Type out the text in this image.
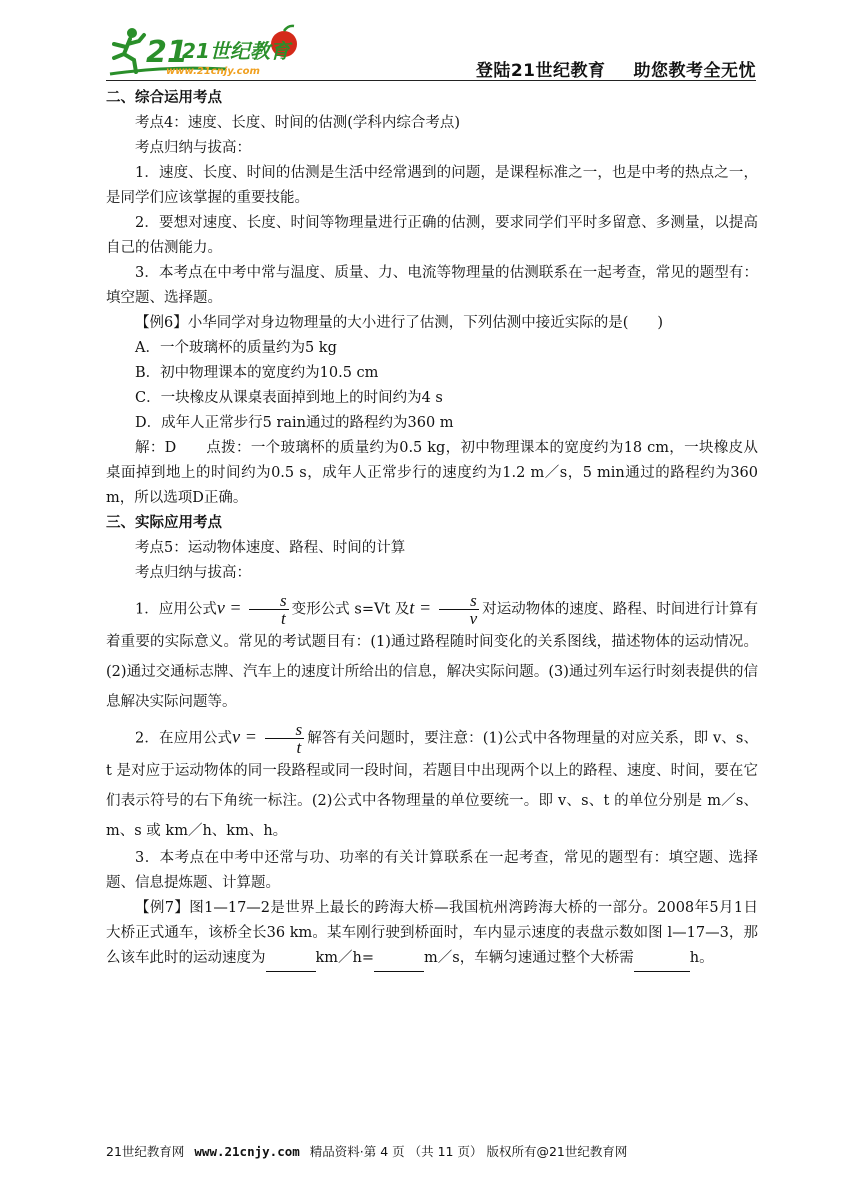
21
21世纪教育
www.21cnjy.com	登陆21世纪教育 助您教考全无忧

二、综合运用考点

考点4：速度、长度、时间的估测(学科内综合考点)

考点归纳与拔高：

1．速度、长度、时间的估测是生活中经常遇到的问题，是课程标准之一，也是中考的热点之一，是同学们应该掌握的重要技能。

2．要想对速度、长度、时间等物理量进行正确的估测，要求同学们平时多留意、多测量，以提高自己的估测能力。

3．本考点在中考中常与温度、质量、力、电流等物理量的估测联系在一起考查，常见的题型有：填空题、选择题。

【例6】小华同学对身边物理量的大小进行了估测，下列估测中接近实际的是(　　)

A．一个玻璃杯的质量约为5 kg

B．初中物理课本的宽度约为10.5 cm

C．一块橡皮从课桌表面掉到地上的时间约为4 s

D．成年人正常步行5 rain通过的路程约为360 m

解：D　　点拨：一个玻璃杯的质量约为0.5 kg，初中物理课本的宽度约为18 cm，一块橡皮从桌面掉到地上的时间约为0.5 s，成年人正常步行的速度约为1.2 m／s，5 min通过的路程约为360 m，所以选项D正确。

三、实际应用考点

考点5：运动物体速度、路程、时间的计算

考点归纳与拔高：

1．应用公式$v = \frac{s}{t}$ 变形公式 s=Vt 及$t = \frac{s}{v}$ 对运动物体的速度、路程、时间进行计算有着重要的实际意义。常见的考试题目有：(1)通过路程随时间变化的关系图线，描述物体的运动情况。(2)通过交通标志牌、汽车上的速度计所给出的信息，解决实际问题。(3)通过列车运行时刻表提供的信息解决实际问题等。

2．在应用公式$v = \frac{s}{t}$ 解答有关问题时，要注意：(1)公式中各物理量的对应关系，即 v、s、t 是对应于运动物体的同一段路程或同一段时间，若题目中出现两个以上的路程、速度、时间，要在它们表示符号的右下角统一标注。(2)公式中各物理量的单位要统一。即 v、s、t 的单位分别是 m／s、m、s 或 km／h、km、h。

3．本考点在中考中还常与功、功率的有关计算联系在一起考查，常见的题型有：填空题、选择题、信息提炼题、计算题。

【例7】图1—17—2是世界上最长的跨海大桥—我国杭州湾跨海大桥的一部分。2008年5月1日大桥正式通车，该桥全长36 km。某车刚行驶到桥面时，车内显示速度的表盘示数如图 l—17—3，那么该车此时的运动速度为	km／h=	m／s，车辆匀速通过整个大桥需	h。

21世纪教育网 www.21cnjy.com 精品资料·第 4 页 （共 11 页） 版权所有@21世纪教育网
